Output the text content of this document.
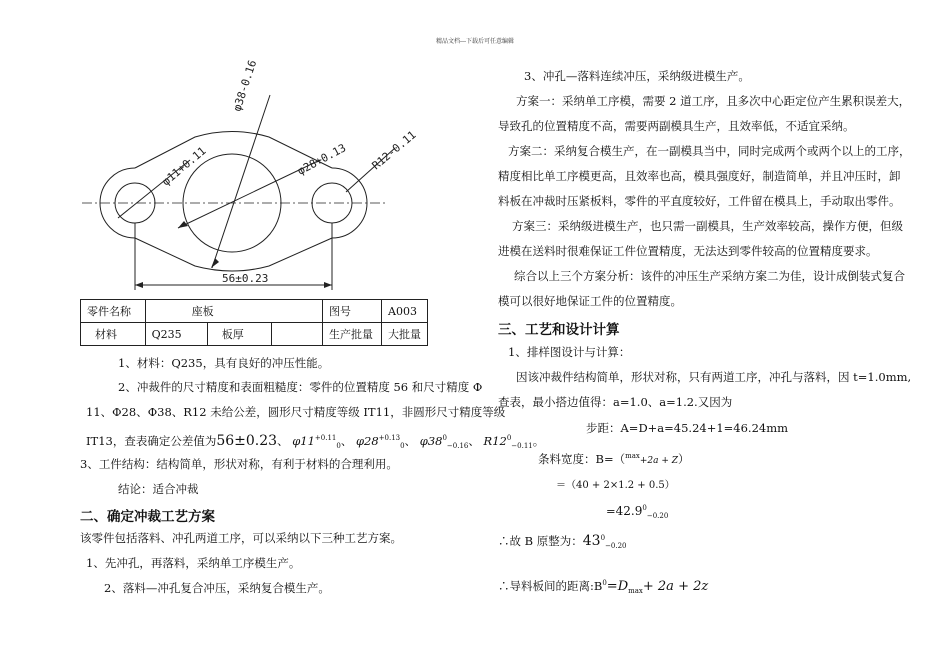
精品文档---下载后可任意编辑
φ38-0.16
φ11+0.11	φ28+0.13 R12-0.11
56±0.23
零件名称	座板			图号	A003
材料	Q235	板厚		生产批量	大批量
1、材料：Q235，具有良好的冲压性能。
2、冲裁件的尺寸精度和表面粗糙度：零件的位置精度 56 和尺寸精度 Φ
11、Φ28、Φ38、R12 未给公差，圆形尺寸精度等级 IT11，非圆形尺寸精度等级
IT13，查表确定公差值为56±0.23、 $\varphi 11^{+0.11}_0$、 $\varphi 28^{+0.13}_0$、 $\varphi 38^0_{-0.16}$、 $R12^0_{-0.11}$。
3、工件结构：结构简单，形状对称，有利于材料的合理利用。
结论：适合冲裁
二、确定冲裁工艺方案
该零件包括落料、冲孔两道工序，可以采纳以下三种工艺方案。
1、先冲孔，再落料，采纳单工序模生产。
2、落料—冲孔复合冲压，采纳复合模生产。
3、冲孔—落料连续冲压，采纳级进模生产。
方案一：采纳单工序模，需要 2 道工序，且多次中心距定位产生累积误差大，
导致孔的位置精度不高，需要两副模具生产，且效率低，不适宜采纳。
方案二：采纳复合模生产，在一副模具当中，同时完成两个或两个以上的工序，
精度相比单工序模更高，且效率也高，模具强度好，制造简单，并且冲压时，卸
料板在冲裁时压紧板料，零件的平直度较好，工件留在模具上，手动取出零件。
方案三：采纳级进模生产，也只需一副模具，生产效率较高，操作方便，但级
进模在送料时很难保证工件位置精度，无法达到零件较高的位置精度要求。
综合以上三个方案分析：该件的冲压生产采纳方案二为佳，设计成倒装式复合
模可以很好地保证工件的位置精度。
三、工艺和设计计算
1、排样图设计与计算：
因该冲裁件结构简单，形状对称，只有两道工序，冲孔与落料，因 t=1.0mm,
查表，最小搭边值得：a=1.0、a=1.2.又因为
步距：A=D+a=45.24+1=46.24mm
条料宽度：B=（$^{max}$+2a + Z）
＝（40 + 2×1.2 + 0.5）
$=42.9^0_{-0.20}$
∴故 B 原整为：$43^0_{-0.20}$
∴导料板间的距离$:B^0=D_{max}+ 2a + 2z$
